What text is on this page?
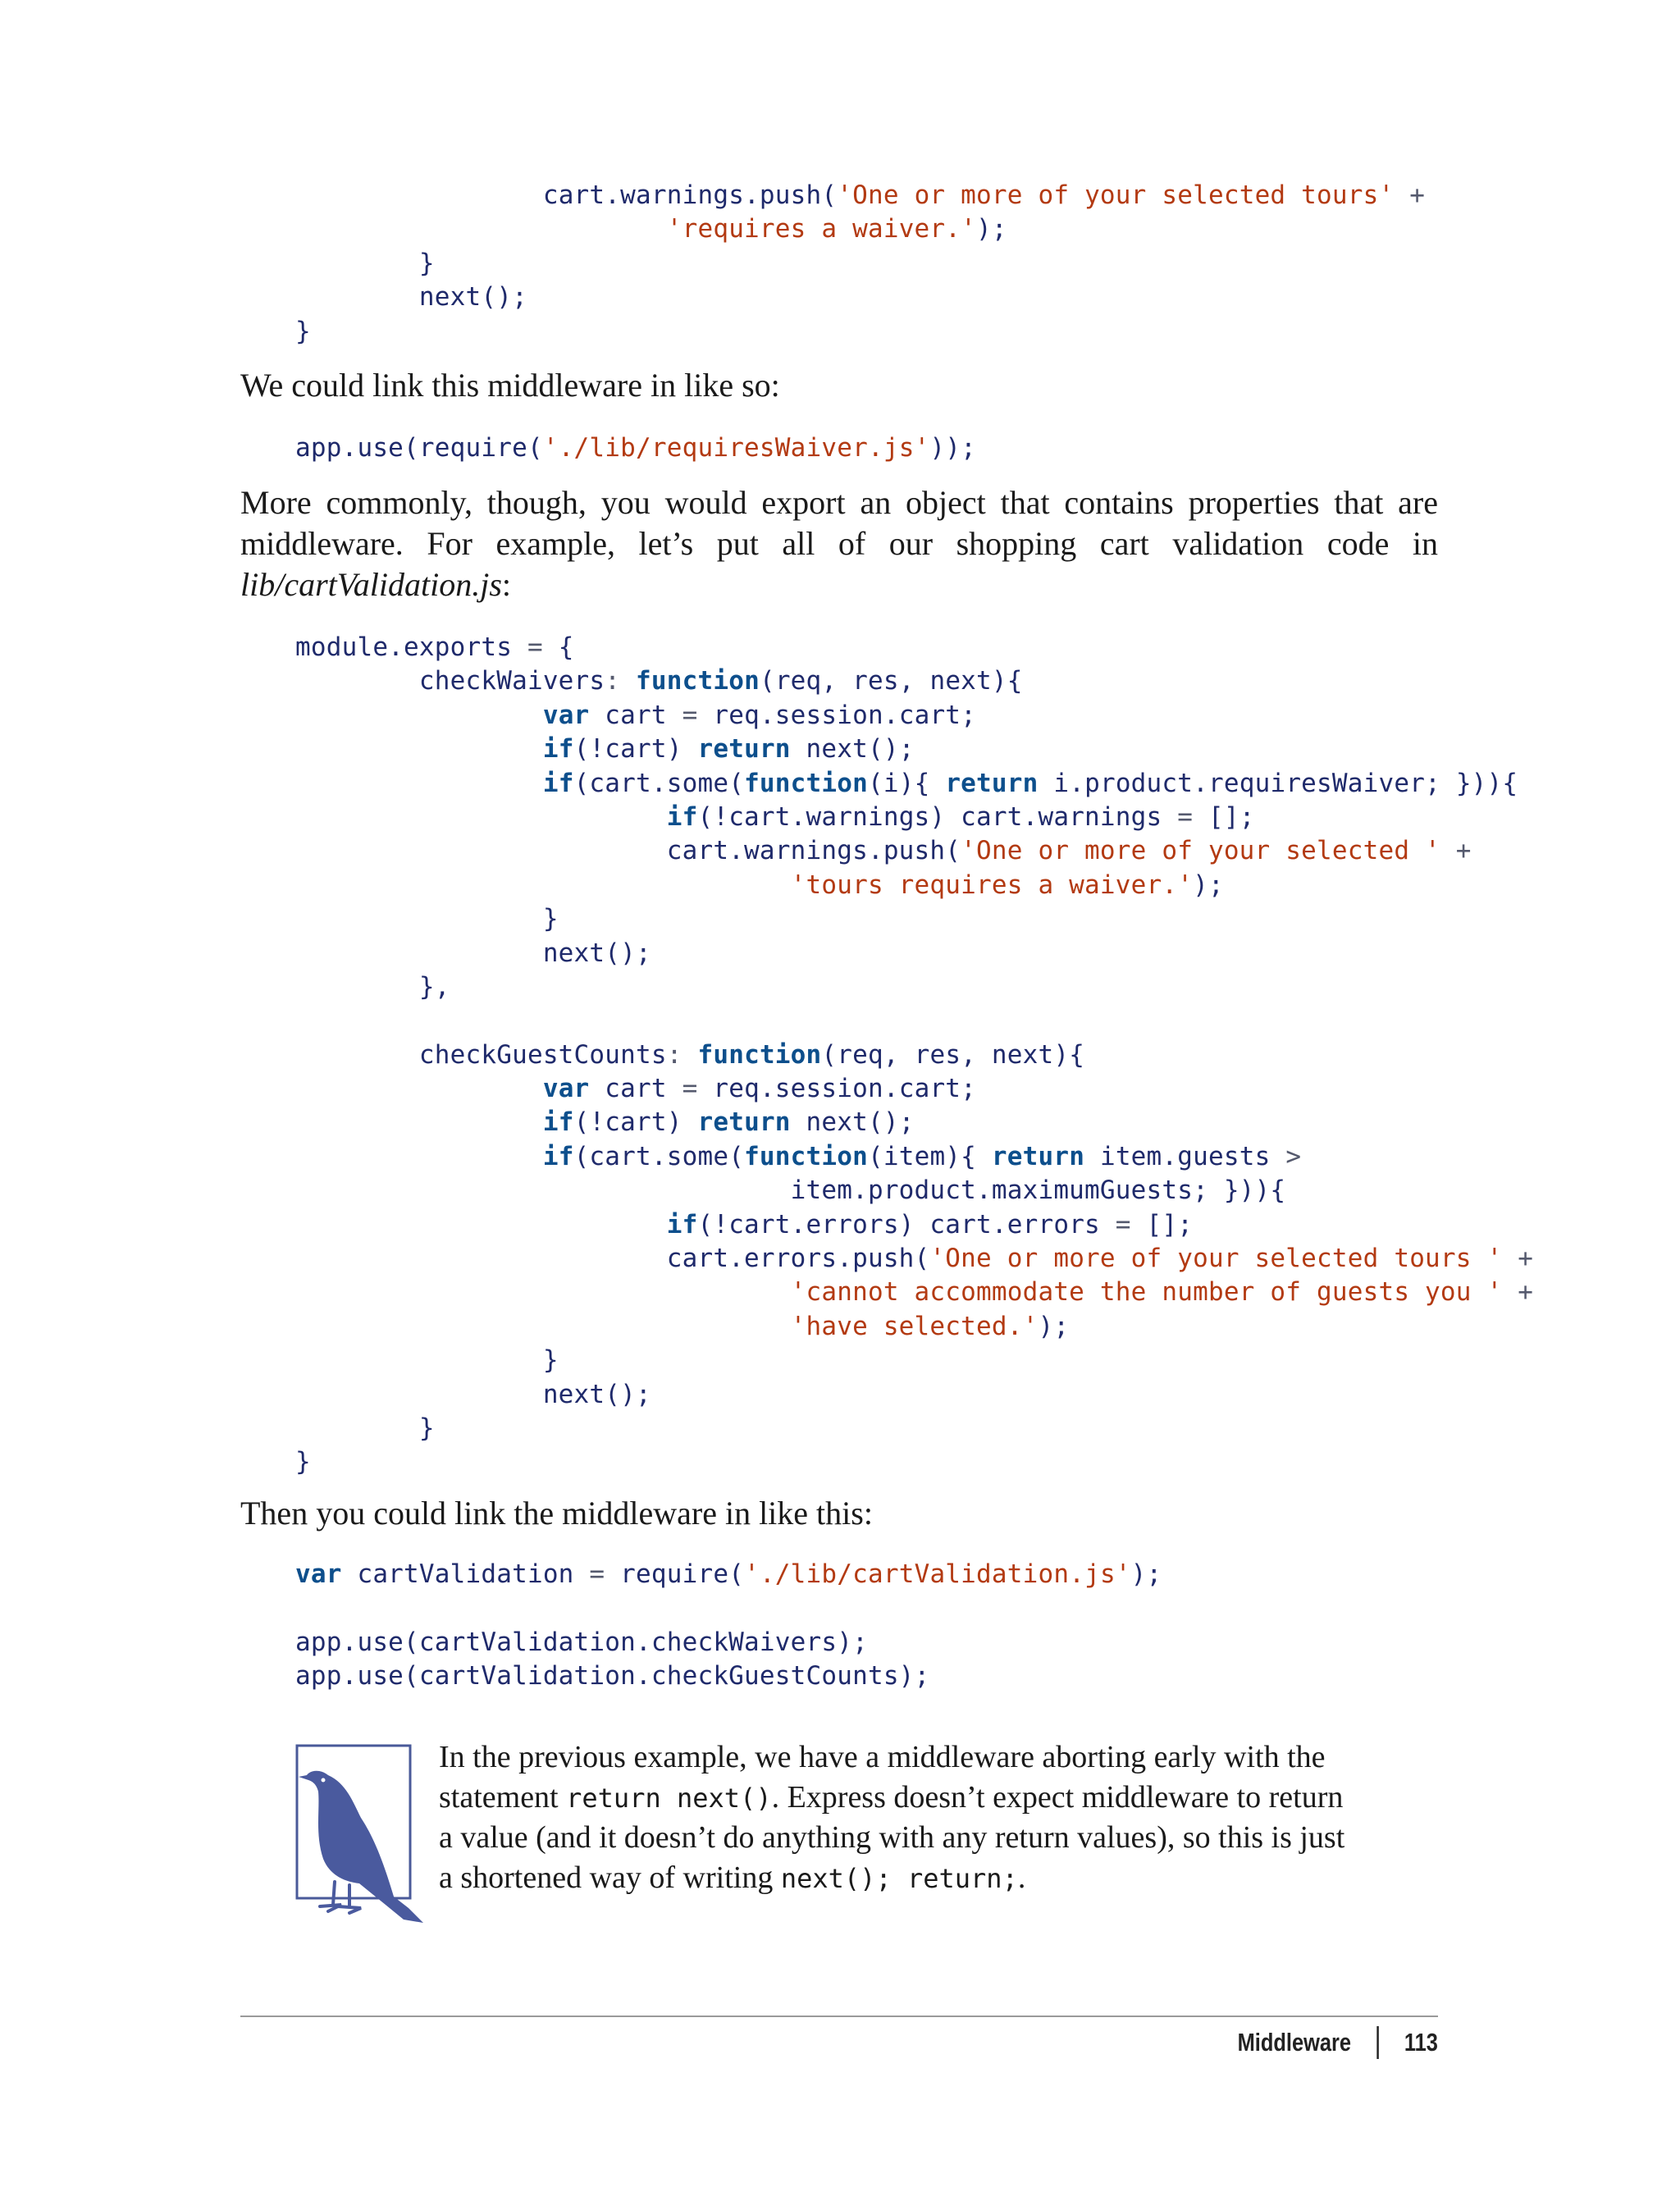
cart.warnings.push('One or more of your selected tours' +
'requires a waiver.');
}
next();
}

We could link this middleware in like so:

app.use(require('./lib/requiresWaiver.js'));

More commonly, though, you would export an object that contains properties that are middleware. For example, let’s put all of our shopping cart validation code in lib/cartValidation.js:

module.exports = {
checkWaivers: function(req, res, next){
var cart = req.session.cart;
if(!cart) return next();
if(cart.some(function(i){ return i.product.requiresWaiver; })){
if(!cart.warnings) cart.warnings = [];
cart.warnings.push('One or more of your selected ' +
'tours requires a waiver.');
}
next();
},
checkGuestCounts: function(req, res, next){
var cart = req.session.cart;
if(!cart) return next();
if(cart.some(function(item){ return item.guests >
item.product.maximumGuests; })){
if(!cart.errors) cart.errors = [];
cart.errors.push('One or more of your selected tours ' +
'cannot accommodate the number of guests you ' +
'have selected.');
}
next();
}
}

Then you could link the middleware in like this:

var cartValidation = require('./lib/cartValidation.js');
app.use(cartValidation.checkWaivers);
app.use(cartValidation.checkGuestCounts);

In the previous example, we have a middleware aborting early with the statement return next(). Express doesn’t expect middleware to return a value (and it doesn’t do anything with any return values), so this is just a shortened way of writing next(); return;.

Middleware 113
